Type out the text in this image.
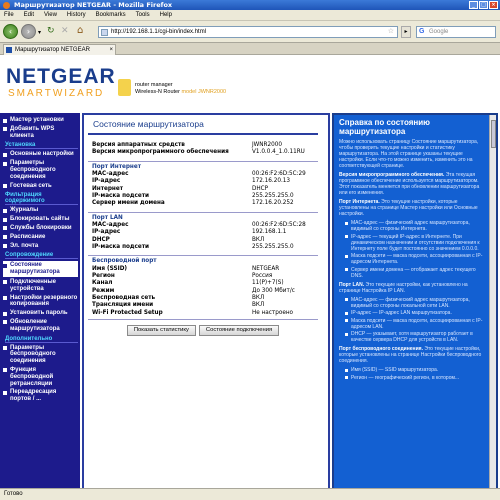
Маршрутизатор NETGEAR - Mozilla Firefox	_	□	×
File Edit View History Bookmarks Tools Help
‹	›	▾ ↻ ✕ ⌂	http://192.168.1.1/cgi-bin/index.html	☆	▸	G Google
Маршрутизатор NETGEAR	×
NETGEAR
SMARTWIZARD
router manager
Wireless-N Router model JWNR2000
Мастер установки
Добавить WPS клиента
Установка
Основные настройки
Параметры беспроводного соединения
Гостевая сеть
Фильтрация содержимого
Журналы
Блокировать сайты
Службы блокировки
Расписание
Эл. почта
Сопровождение
Состояние маршрутизатора
Подключенные устройства
Настройки резервного копирования
Установить пароль
Обновление маршрутизатора
Дополнительно
Параметры беспроводного соединения
Функция беспроводной ретрансляции
Переадресация портов / ...
Состояние маршрутизатора
Версия аппаратных средств	JWNR2000
Версия микропрограммного обеспечения	V1.0.0.4_1.0.11RU
Порт Интернет
MAC-адрес	00:26:F2:6D:5C:29
IP-адрес	172.16.20.13
Интернет	DHCP
IP-маска подсети	255.255.255.0
Сервер имени домена	172.16.20.252
Порт LAN
MAC-адрес	00:26:F2:6D:5C:28
IP-адрес	192.168.1.1
DHCP	ВКЛ
IP-маска подсети	255.255.255.0
Беспроводной порт
Имя (SSID)	NETGEAR
Регион	Россия
Канал	11(P)+7(S)
Режим	До 300 Мбит/с
Беспроводная сеть	ВКЛ
Трансляция имени	ВКЛ
Wi-Fi Protected Setup	Не настроено
Показать статистику	Состояние подключения
Справка по состоянию маршрутизатора

Можно использовать страницу Состояние маршрутизатора, чтобы проверить текущие настройки и статистику маршрутизатора. На этой странице указаны текущие настройки. Если что-то можно изменить, изменить это на соответствующей странице.

Версия микропрограммного обеспечения. Эта текущая программное обеспечение используется маршрутизатором. Этот показатель меняется при обновлении маршрутизатора или его изменения.

Порт Интернета. Это текущие настройки, которые установлены на странице Мастер настройки или Основные настройки.

MAC-адрес — физический адрес маршрутизатора, видимый со стороны Интернета.
IP-адрес — текущий IP-адрес в Интернете. При динамическом назначении и отсутствии подключения к Интернету поле будет постоянно со значением 0.0.0.0.
Маска подсети — маска подсети, ассоциированная с IP-адресом Интернета.
Сервер имени домена — отображает адрес текущего DNS.

Порт LAN. Это текущие настройки, как установлено на странице Настройка IP LAN.

MAC-адрес — физический адрес маршрутизатора, видимый со стороны локальной сети LAN.
IP-адрес — IP-адрес LAN маршрутизатора.
Маска подсети — маска подсети, ассоциированная с IP-адресом LAN.
DHCP — указывает, хотя маршрутизатор работает в качестве сервера DHCP для устройств в LAN.

Порт беспроводного соединения. Это текущие настройки, которые установлены на странице Настройки беспроводного соединения.

Имя (SSID) — SSID маршрутизатора.
Регион — географический регион, в котором...
Готово
